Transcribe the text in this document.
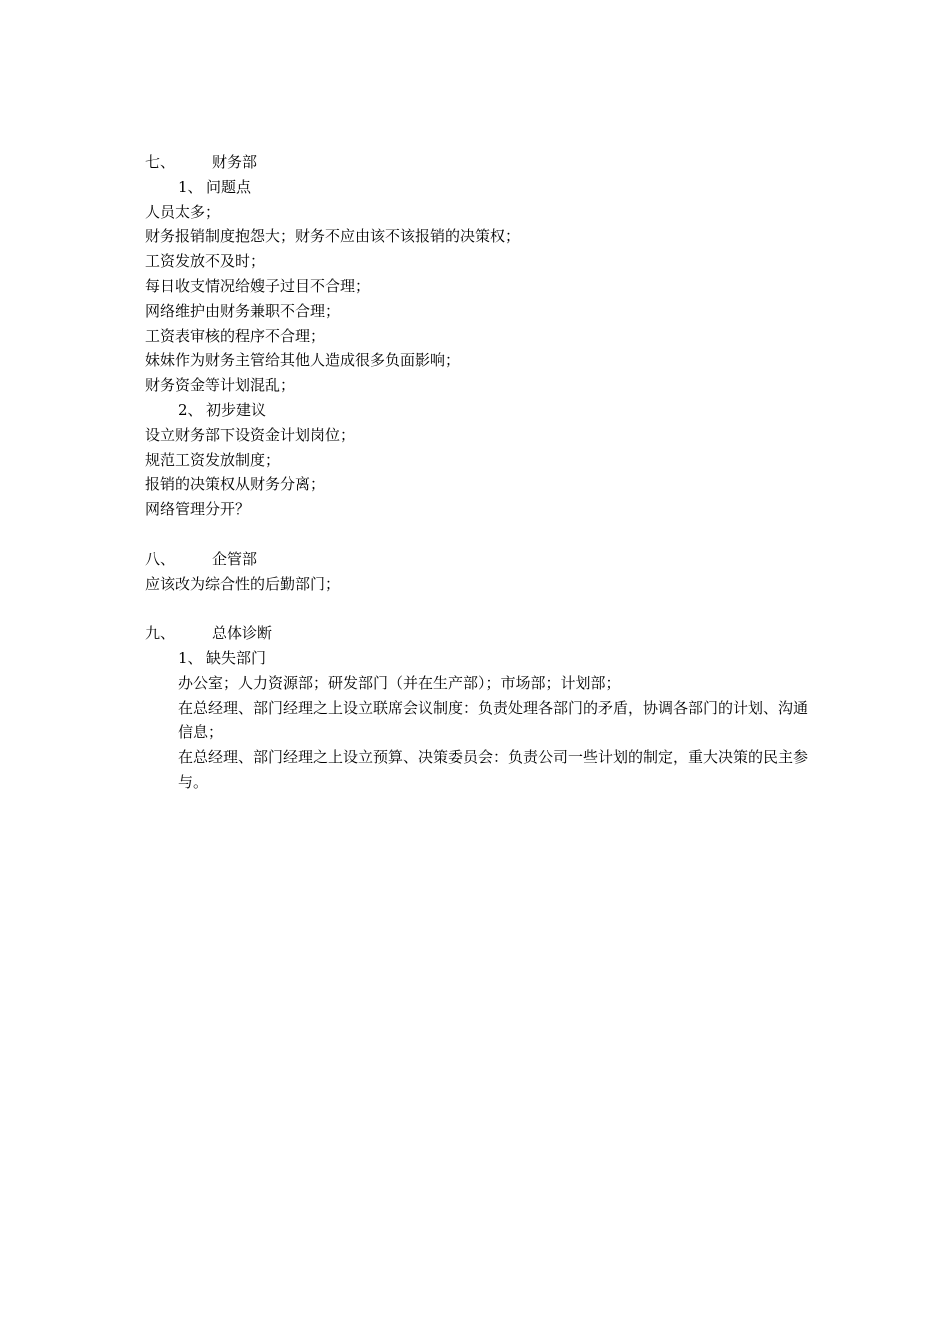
七、 财务部
1、 问题点
人员太多；
财务报销制度抱怨大；财务不应由该不该报销的决策权；
工资发放不及时；
每日收支情况给嫂子过目不合理；
网络维护由财务兼职不合理；
工资表审核的程序不合理；
妹妹作为财务主管给其他人造成很多负面影响；
财务资金等计划混乱；
2、 初步建议
设立财务部下设资金计划岗位；
规范工资发放制度；
报销的决策权从财务分离；
网络管理分开？
八、 企管部
应该改为综合性的后勤部门；
九、 总体诊断
1、 缺失部门
办公室；人力资源部；研发部门（并在生产部）；市场部；计划部；
在总经理、部门经理之上设立联席会议制度：负责处理各部门的矛盾，协调各部门的计划、沟通信息；
在总经理、部门经理之上设立预算、决策委员会：负责公司一些计划的制定，重大决策的民主参与。
